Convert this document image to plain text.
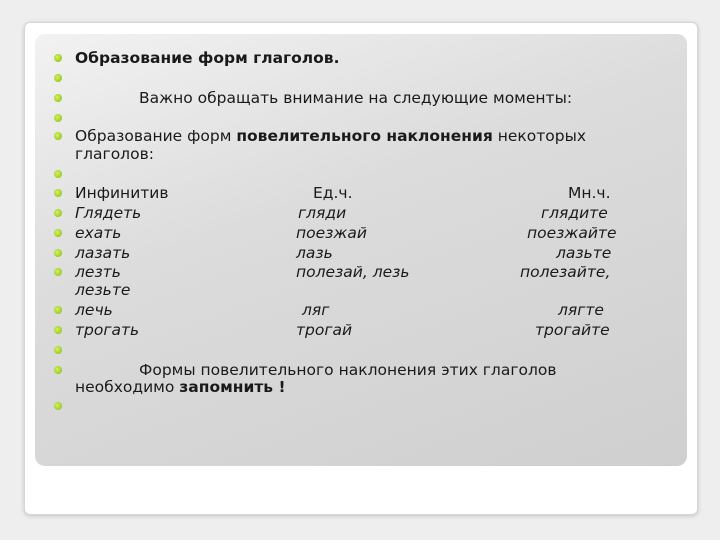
Образование форм глаголов.
Важно обращать внимание на следующие моменты:
Образование форм повелительного наклонения некоторых
глаголов:
Инфинитив	Ед.ч.	Мн.ч.
Глядеть	гляди	глядите
ехать	поезжай	поезжайте
лазать	лазь	лазьте
лезть	полезай, лезь	полезайте,
лезьте
лечь	ляг	лягте
трогать	трогай	трогайте
Формы повелительного наклонения этих глаголов
необходимо запомнить !
